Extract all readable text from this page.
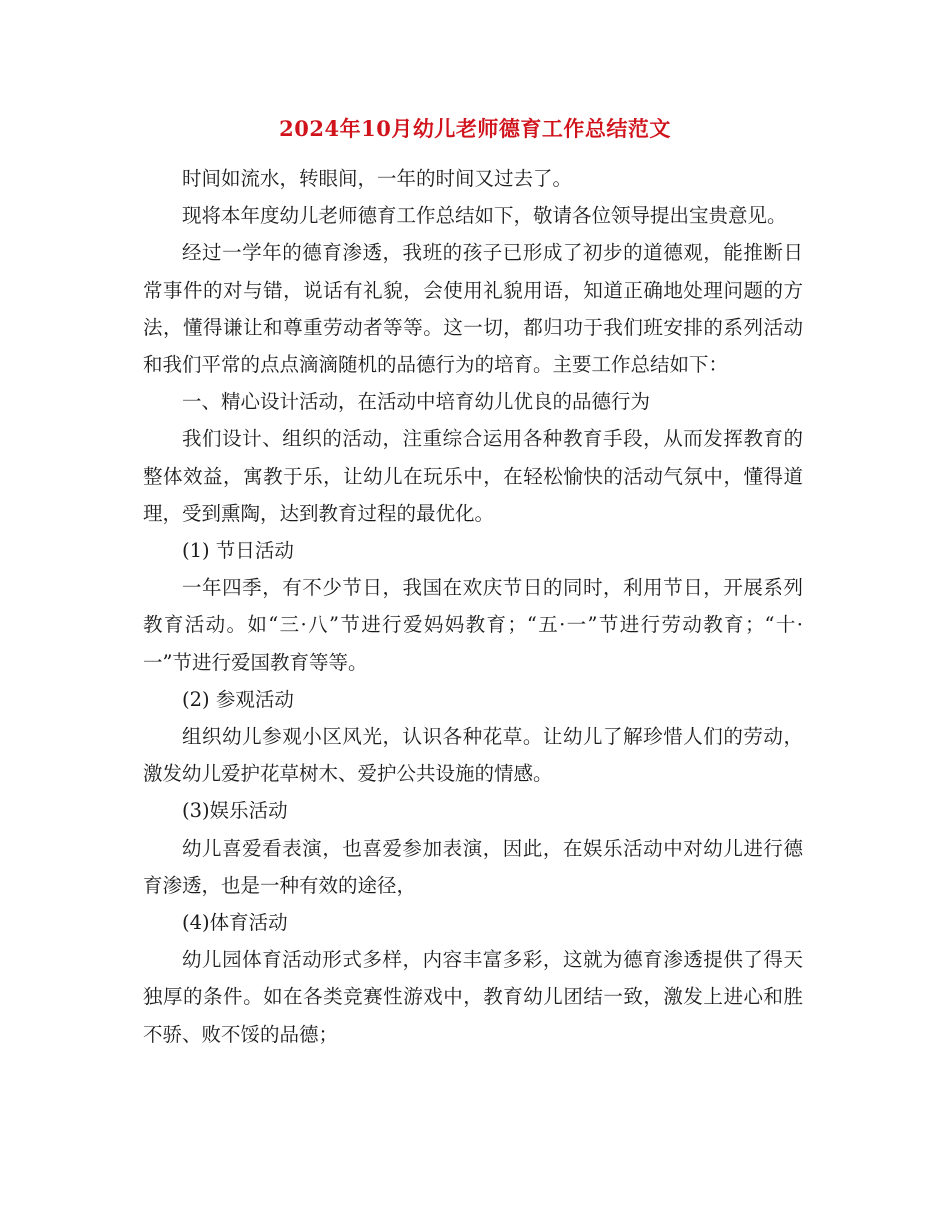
2024年10月幼儿老师德育工作总结范文

时间如流水，转眼间，一年的时间又过去了。

现将本年度幼儿老师德育工作总结如下，敬请各位领导提出宝贵意见。

经过一学年的德育渗透，我班的孩子已形成了初步的道德观，能推断日常事件的对与错，说话有礼貌，会使用礼貌用语，知道正确地处理问题的方法，懂得谦让和尊重劳动者等等。这一切，都归功于我们班安排的系列活动和我们平常的点点滴滴随机的品德行为的培育。主要工作总结如下：

一、精心设计活动，在活动中培育幼儿优良的品德行为

我们设计、组织的活动，注重综合运用各种教育手段，从而发挥教育的整体效益，寓教于乐，让幼儿在玩乐中，在轻松愉快的活动气氛中，懂得道理，受到熏陶，达到教育过程的最优化。

(1) 节日活动

一年四季，有不少节日，我国在欢庆节日的同时，利用节日，开展系列教育活动。如“三·八”节进行爱妈妈教育；“五·一”节进行劳动教育；“十·一”节进行爱国教育等等。

(2) 参观活动

组织幼儿参观小区风光，认识各种花草。让幼儿了解珍惜人们的劳动，激发幼儿爱护花草树木、爱护公共设施的情感。

(3)娱乐活动

幼儿喜爱看表演，也喜爱参加表演，因此，在娱乐活动中对幼儿进行德育渗透，也是一种有效的途径，

(4)体育活动

幼儿园体育活动形式多样，内容丰富多彩，这就为德育渗透提供了得天独厚的条件。如在各类竞赛性游戏中，教育幼儿团结一致，激发上进心和胜不骄、败不馁的品德；
